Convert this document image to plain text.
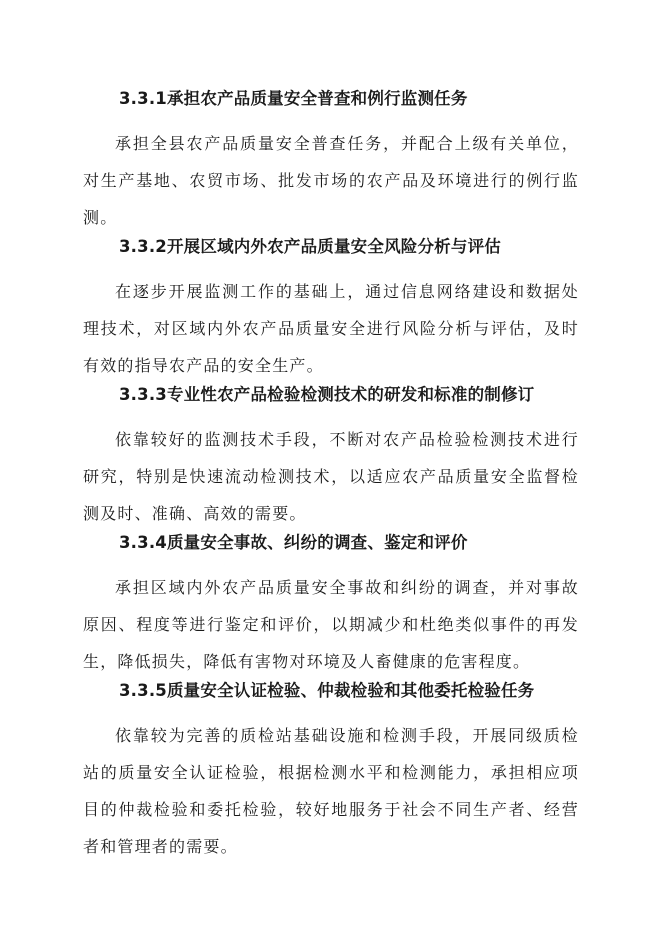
3.3.1承担农产品质量安全普查和例行监测任务

承担全县农产品质量安全普查任务，并配合上级有关单位，对生产基地、农贸市场、批发市场的农产品及环境进行的例行监测。

3.3.2开展区域内外农产品质量安全风险分析与评估

在逐步开展监测工作的基础上，通过信息网络建设和数据处理技术，对区域内外农产品质量安全进行风险分析与评估，及时有效的指导农产品的安全生产。

3.3.3专业性农产品检验检测技术的研发和标准的制修订

依靠较好的监测技术手段，不断对农产品检验检测技术进行研究，特别是快速流动检测技术，以适应农产品质量安全监督检测及时、准确、高效的需要。

3.3.4质量安全事故、纠纷的调查、鉴定和评价

承担区域内外农产品质量安全事故和纠纷的调查，并对事故原因、程度等进行鉴定和评价，以期减少和杜绝类似事件的再发生，降低损失，降低有害物对环境及人畜健康的危害程度。

3.3.5质量安全认证检验、仲裁检验和其他委托检验任务

依靠较为完善的质检站基础设施和检测手段，开展同级质检站的质量安全认证检验，根据检测水平和检测能力，承担相应项目的仲裁检验和委托检验，较好地服务于社会不同生产者、经营者和管理者的需要。
